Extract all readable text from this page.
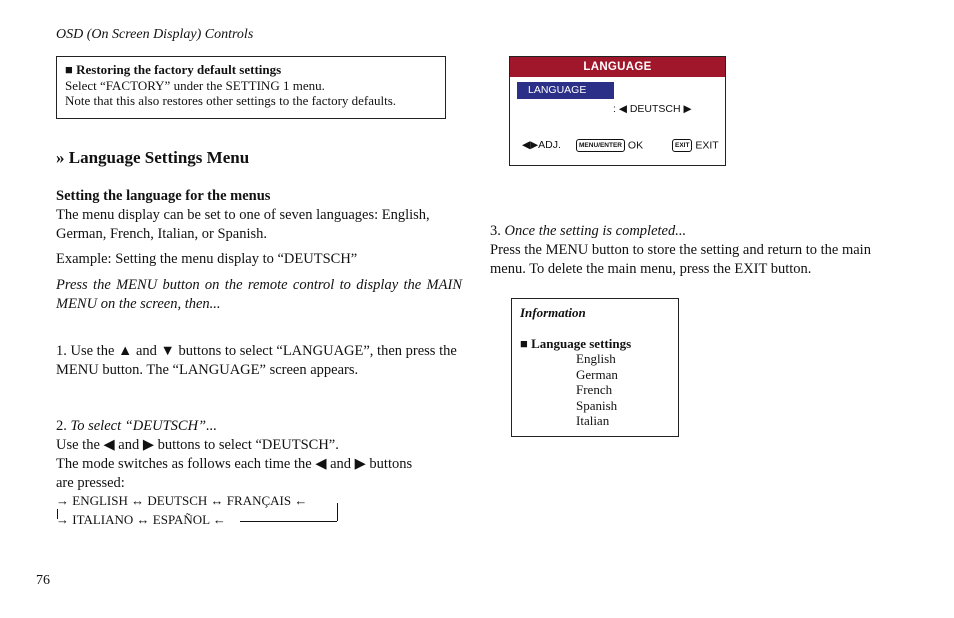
OSD (On Screen Display) Controls
■ Restoring the factory default settings
Select “FACTORY” under the SETTING 1 menu.
Note that this also restores other settings to the factory defaults.
» Language Settings Menu
Setting the language for the menus
The menu display can be set to one of seven languages: English, German, French, Italian, or Spanish.
Example: Setting the menu display to “DEUTSCH”
Press the MENU button on the remote control to display the MAIN MENU on the screen, then...
1. Use the ▲ and ▼ buttons to select “LANGUAGE”, then press the MENU button. The “LANGUAGE” screen appears.
2. To select “DEUTSCH”...
Use the ◀ and ▶ buttons to select “DEUTSCH”.
The mode switches as follows each time the ◀ and ▶ buttons
are pressed:
→ ENGLISH ↔ DEUTSCH ↔ FRANÇAIS ←
→ ITALIANO ↔ ESPAÑOL ←
LANGUAGE
LANGUAGE
: ◀ DEUTSCH ▶
◀▶ADJ.	MENU/ENTER OK	EXIT EXIT
3. Once the setting is completed...
Press the MENU button to store the setting and return to the main menu. To delete the main menu, press the EXIT button.
Information
■ Language settings
English
German
French
Spanish
Italian
76
